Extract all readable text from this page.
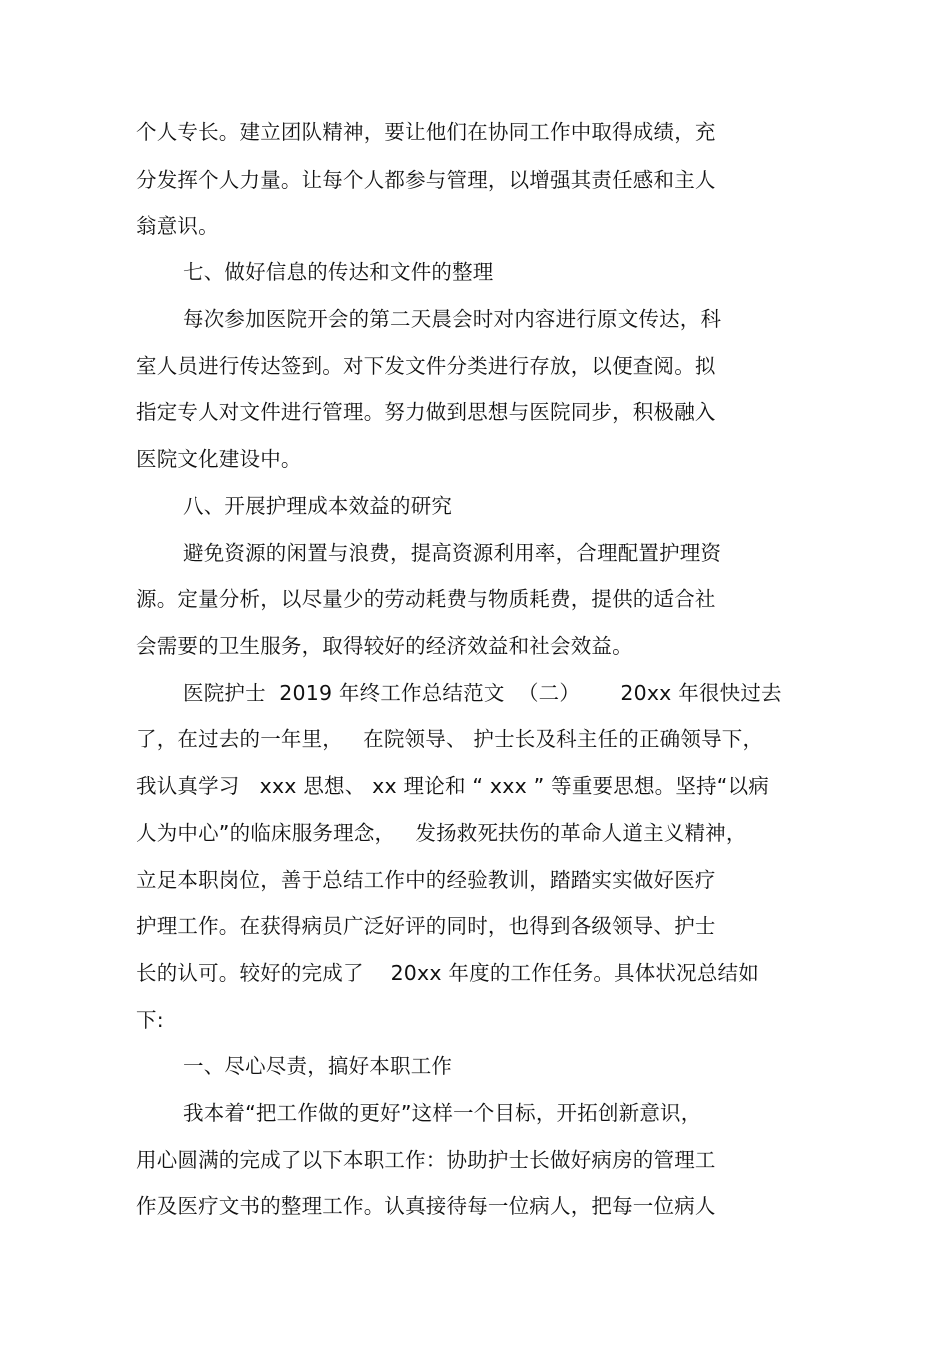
个人专长。建立团队精神，要让他们在协同工作中取得成绩，充
分发挥个人力量。让每个人都参与管理，以增强其责任感和主人
翁意识。
七、做好信息的传达和文件的整理
每次参加医院开会的第二天晨会时对内容进行原文传达，科
室人员进行传达签到。对下发文件分类进行存放，以便查阅。拟
指定专人对文件进行管理。努力做到思想与医院同步，积极融入
医院文化建设中。
八、开展护理成本效益的研究
避免资源的闲置与浪费，提高资源利用率，合理配置护理资
源。定量分析，以尽量少的劳动耗费与物质耗费，提供的适合社
会需要的卫生服务，取得较好的经济效益和社会效益。
医院护士  2019 年终工作总结范文  （二）      20xx 年很快过去
了，在过去的一年里，   在院领导、 护士长及科主任的正确领导下，
我认真学习   xxx 思想、 xx 理论和 “ xxx ” 等重要思想。坚持“以病
人为中心”的临床服务理念，   发扬救死扶伤的革命人道主义精神，
立足本职岗位，善于总结工作中的经验教训，踏踏实实做好医疗
护理工作。在获得病员广泛好评的同时，也得到各级领导、护士
长的认可。较好的完成了    20xx 年度的工作任务。具体状况总结如
下:
一、尽心尽责，搞好本职工作
我本着“把工作做的更好”这样一个目标，开拓创新意识，
用心圆满的完成了以下本职工作：协助护士长做好病房的管理工
作及医疗文书的整理工作。认真接待每一位病人，把每一位病人
